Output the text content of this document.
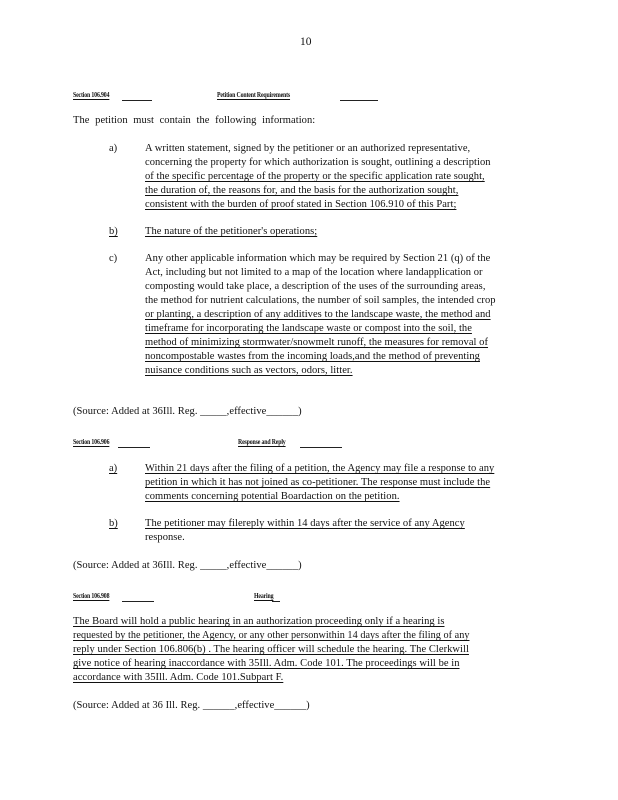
10
Section 106.904	Petition Content Requirements
The petition must contain the following information:
a)	A written statement, signed by the petitioner or an authorized representative,
concerning the property for which authorization is sought, outlining a description
of the specific percentage of the property or the specific application rate sought,
the duration of, the reasons for, and the basis for the authorization sought,
consistent with the burden of proof stated in Section 106.910 of this Part;
b)	The nature of the petitioner's operations;
c)	Any other applicable information which may be required by Section 21 (q) of the
Act, including but not limited to a map of the location where landapplication or
composting would take place, a description of the uses of the surrounding areas,
the method for nutrient calculations, the number of soil samples, the intended crop
or planting, a description of any additives to the landscape waste, the method and
timeframe for incorporating the landscape waste or compost into the soil, the
method of minimizing stormwater/snowmelt runoff, the measures for removal of
noncompostable wastes from the incoming loads,and the method of preventing
nuisance conditions such as vectors, odors, litter.
(Source: Added at 36Ill. Reg. _____,effective______)
Section 106.906	Response and Reply
a)	Within 21 days after the filing of a petition, the Agency may file a response to any
petition in which it has not joined as co-petitioner. The response must include the
comments concerning potential Boardaction on the petition.
b)	The petitioner may filereply within 14 days after the service of any Agency
response.
(Source: Added at 36Ill. Reg. _____,effective______)
Section 106.908	Hearing
The Board will hold a public hearing in an authorization proceeding only if a hearing is
requested by the petitioner, the Agency, or any other personwithin 14 days after the filing of any
reply under Section 106.806(b) . The hearing officer will schedule the hearing. The Clerkwill
give notice of hearing inaccordance with 35Ill. Adm. Code 101. The proceedings will be in
accordance with 35Ill. Adm. Code 101.Subpart F.
(Source: Added at 36 Ill. Reg. ______,effective______)
